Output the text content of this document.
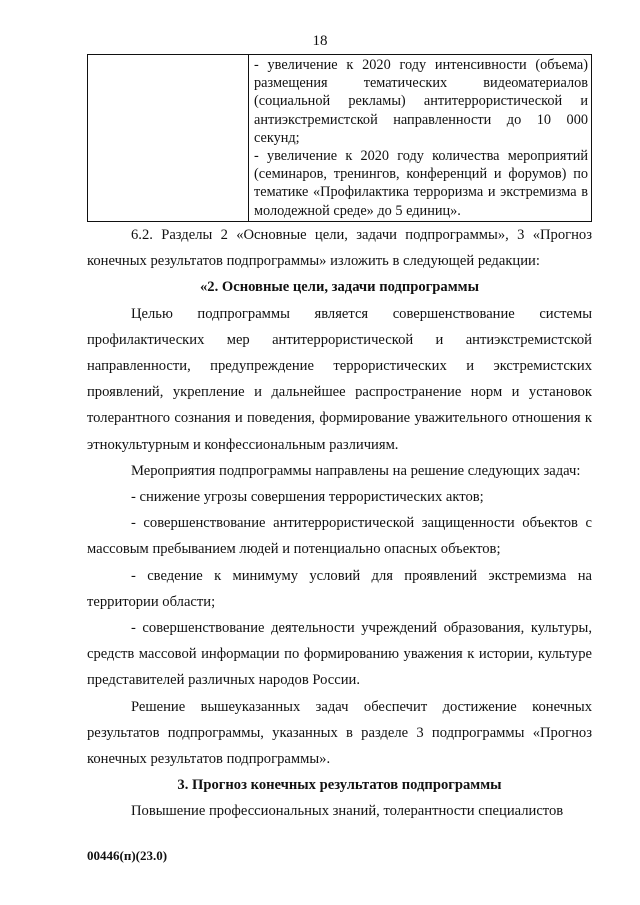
18

- увеличение к 2020 году интенсивности (объема) размещения тематических видеоматериалов (социальной рекламы) антитеррористической и антиэкстремистской направленности до 10 000 секунд;
- увеличение к 2020 году количества мероприятий (семинаров, тренингов, конференций и форумов) по тематике «Профилактика терроризма и экстремизма в молодежной среде» до 5 единиц».

6.2. Разделы 2 «Основные цели, задачи подпрограммы», 3 «Прогноз конечных результатов подпрограммы» изложить в следующей редакции:

«2. Основные цели, задачи подпрограммы

Целью подпрограммы является совершенствование системы профилактических мер антитеррористической и антиэкстремистской направленности, предупреждение террористических и экстремистских проявлений, укрепление и дальнейшее распространение норм и установок толерантного сознания и поведения, формирование уважительного отношения к этнокультурным и конфессиональным различиям.

Мероприятия подпрограммы направлены на решение следующих задач:

- снижение угрозы совершения террористических актов;

- совершенствование антитеррористической защищенности объектов с массовым пребыванием людей и потенциально опасных объектов;

- сведение к минимуму условий для проявлений экстремизма на территории области;

- совершенствование деятельности учреждений образования, культуры, средств массовой информации по формированию уважения к истории, культуре представителей различных народов России.

Решение вышеуказанных задач обеспечит достижение конечных результатов подпрограммы, указанных в разделе 3 подпрограммы «Прогноз конечных результатов подпрограммы».

3. Прогноз конечных результатов подпрограммы

Повышение профессиональных знаний, толерантности специалистов

00446(п)(23.0)
